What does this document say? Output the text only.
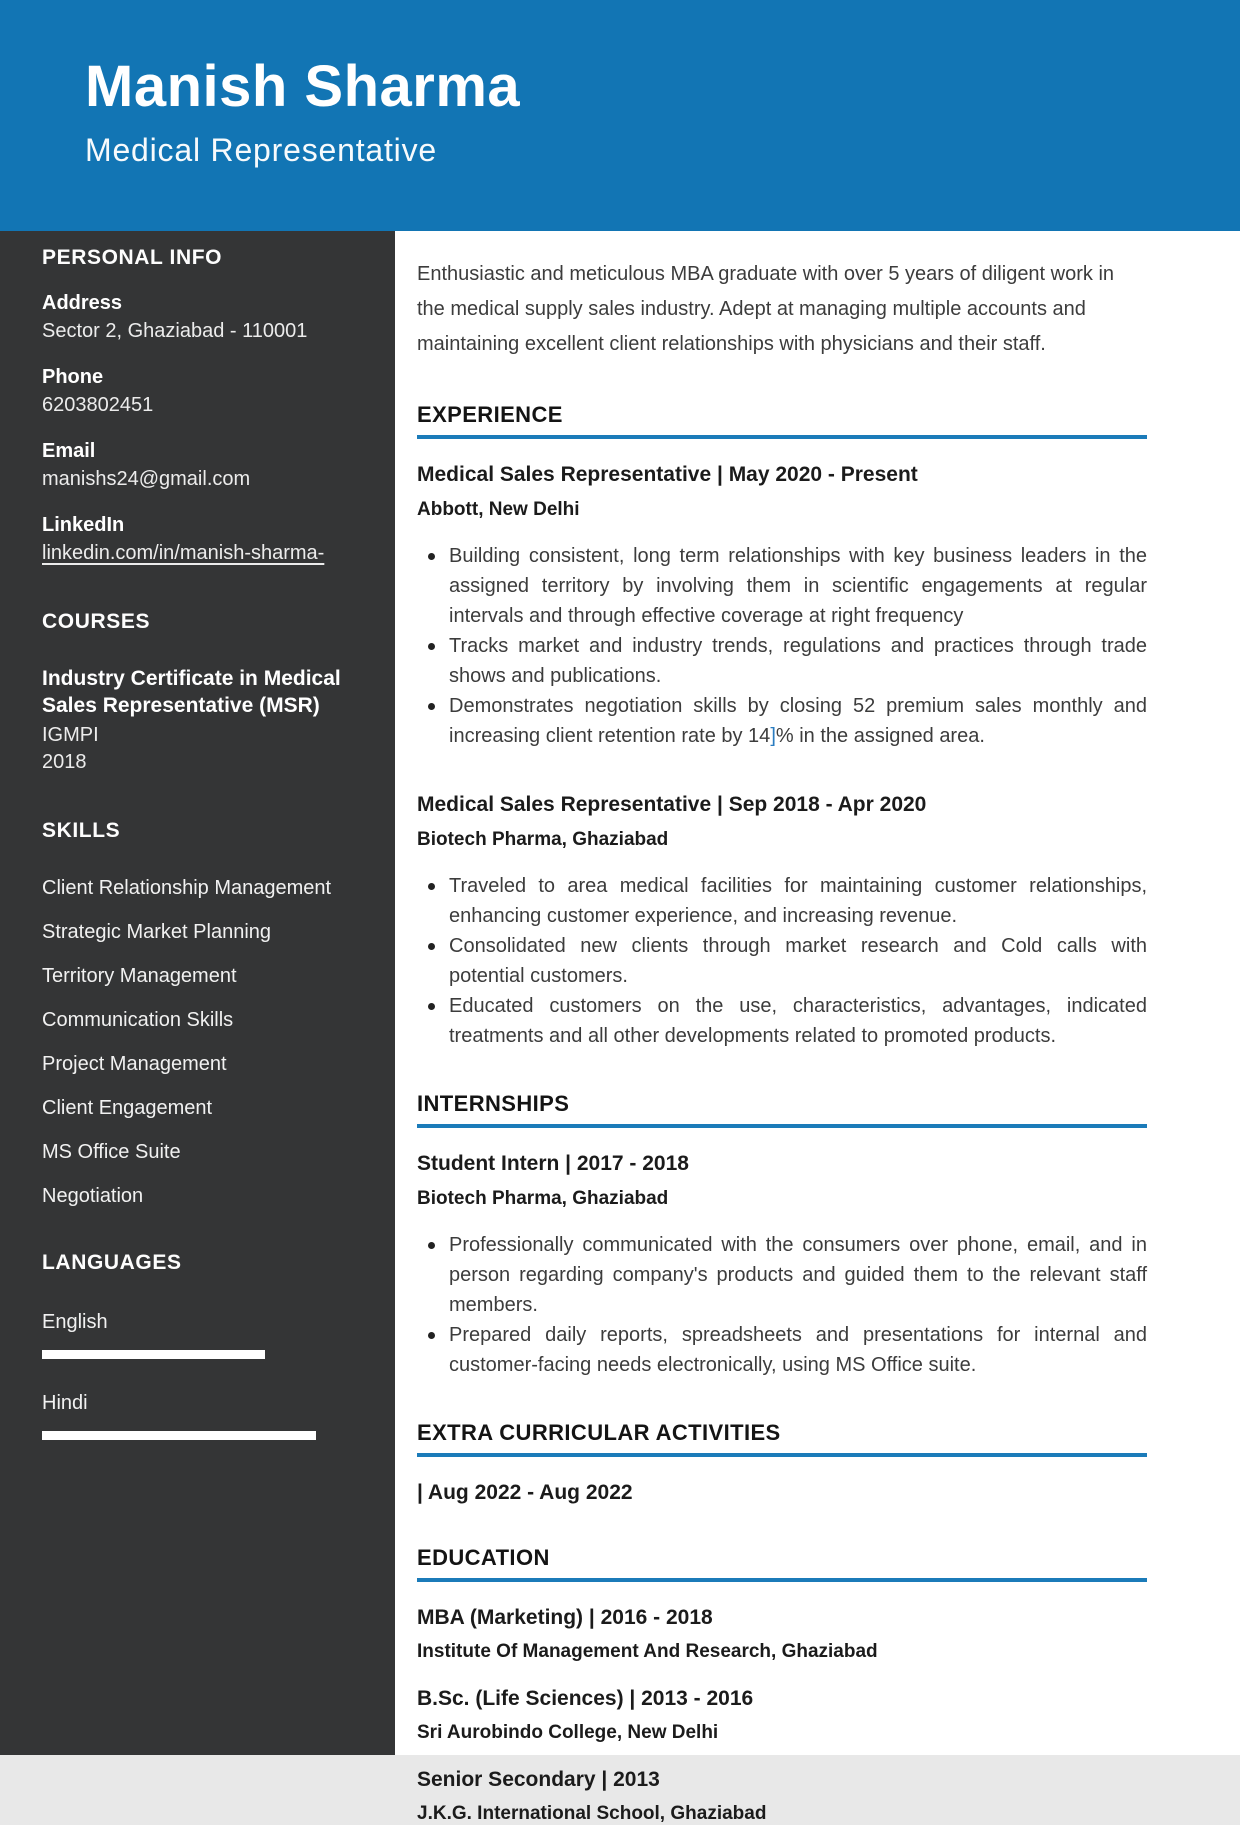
Manish Sharma
Medical Representative
PERSONAL INFO
Address
Sector 2, Ghaziabad - 110001
Phone
6203802451
Email
manishs24@gmail.com
LinkedIn
linkedin.com/in/manish-sharma-
COURSES
Industry Certificate in Medical Sales Representative (MSR)
IGMPI
2018
SKILLS
Client Relationship Management
Strategic Market Planning
Territory Management
Communication Skills
Project Management
Client Engagement
MS Office Suite
Negotiation
LANGUAGES
English
Hindi
Enthusiastic and meticulous MBA graduate with over 5 years of diligent work in the medical supply sales industry. Adept at managing multiple accounts and maintaining excellent client relationships with physicians and their staff.
EXPERIENCE
Medical Sales Representative | May 2020 - Present
Abbott, New Delhi
Building consistent, long term relationships with key business leaders in the assigned territory by involving them in scientific engagements at regular intervals and through effective coverage at right frequency
Tracks market and industry trends, regulations and practices through trade shows and publications.
Demonstrates negotiation skills by closing 52 premium sales monthly and increasing client retention rate by 14]% in the assigned area.
Medical Sales Representative | Sep 2018 - Apr 2020
Biotech Pharma, Ghaziabad
Traveled to area medical facilities for maintaining customer relationships, enhancing customer experience, and increasing revenue.
Consolidated new clients through market research and Cold calls with potential customers.
Educated customers on the use, characteristics, advantages, indicated treatments and all other developments related to promoted products.
INTERNSHIPS
Student Intern | 2017 - 2018
Biotech Pharma, Ghaziabad
Professionally communicated with the consumers over phone, email, and in person regarding company's products and guided them to the relevant staff members.
Prepared daily reports, spreadsheets and presentations for internal and customer-facing needs electronically, using MS Office suite.
EXTRA CURRICULAR ACTIVITIES
| Aug 2022 - Aug 2022
EDUCATION
MBA (Marketing) | 2016 - 2018
Institute Of Management And Research, Ghaziabad
B.Sc. (Life Sciences) | 2013 - 2016
Sri Aurobindo College, New Delhi
Senior Secondary | 2013
J.K.G. International School, Ghaziabad
